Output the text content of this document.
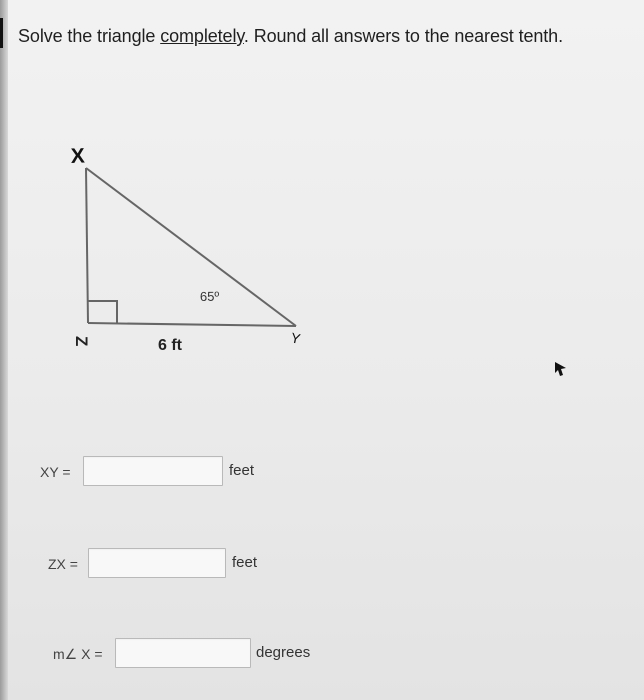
Solve the triangle completely. Round all answers to the nearest tenth.
X
Z	Y
65º
6 ft
XY =	feet
ZX =	feet
m∠ X =	degrees
